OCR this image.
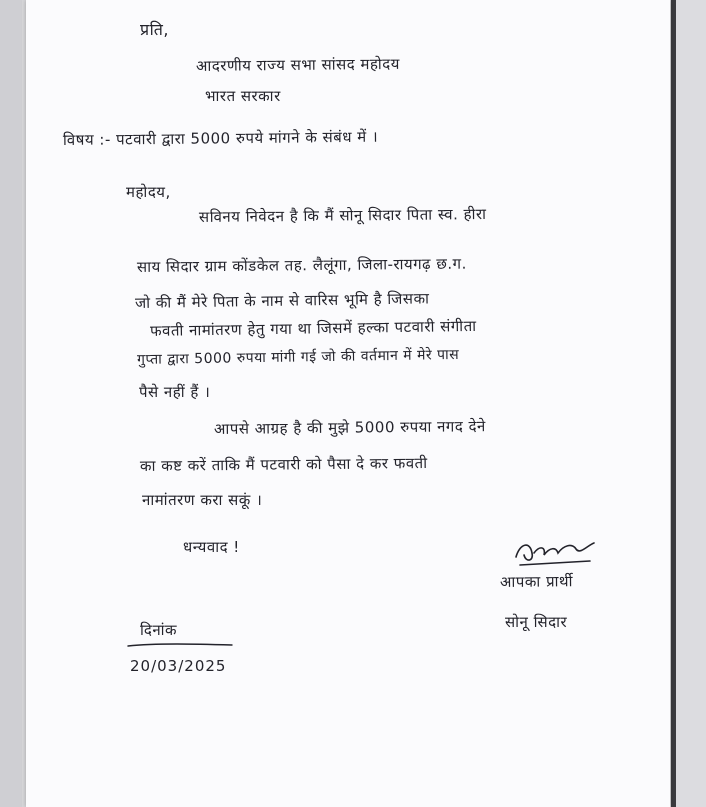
प्रति,
आदरणीय राज्य सभा सांसद महोदय
भारत सरकार
विषय :- पटवारी द्वारा 5000 रुपये मांगने के संबंध में ।
महोदय,
सविनय निवेदन है कि मैं सोनू सिदार पिता स्व. हीरा
साय सिदार ग्राम कोंडकेल तह. लैलूंगा, जिला-रायगढ़ छ.ग.
जो की मैं मेरे पिता के नाम से वारिस भूमि है जिसका
फवती नामांतरण हेतु गया था जिसमें हल्का पटवारी संगीता
गुप्ता द्वारा 5000 रुपया मांगी गई जो की वर्तमान में मेरे पास
पैसे नहीं हैं ।
आपसे आग्रह है की मुझे 5000 रुपया नगद देने
का कष्ट करें ताकि मैं पटवारी को पैसा दे कर फवती
नामांतरण करा सकूं ।
धन्यवाद !
आपका प्रार्थी
सोनू सिदार
दिनांक
20/03/2025
